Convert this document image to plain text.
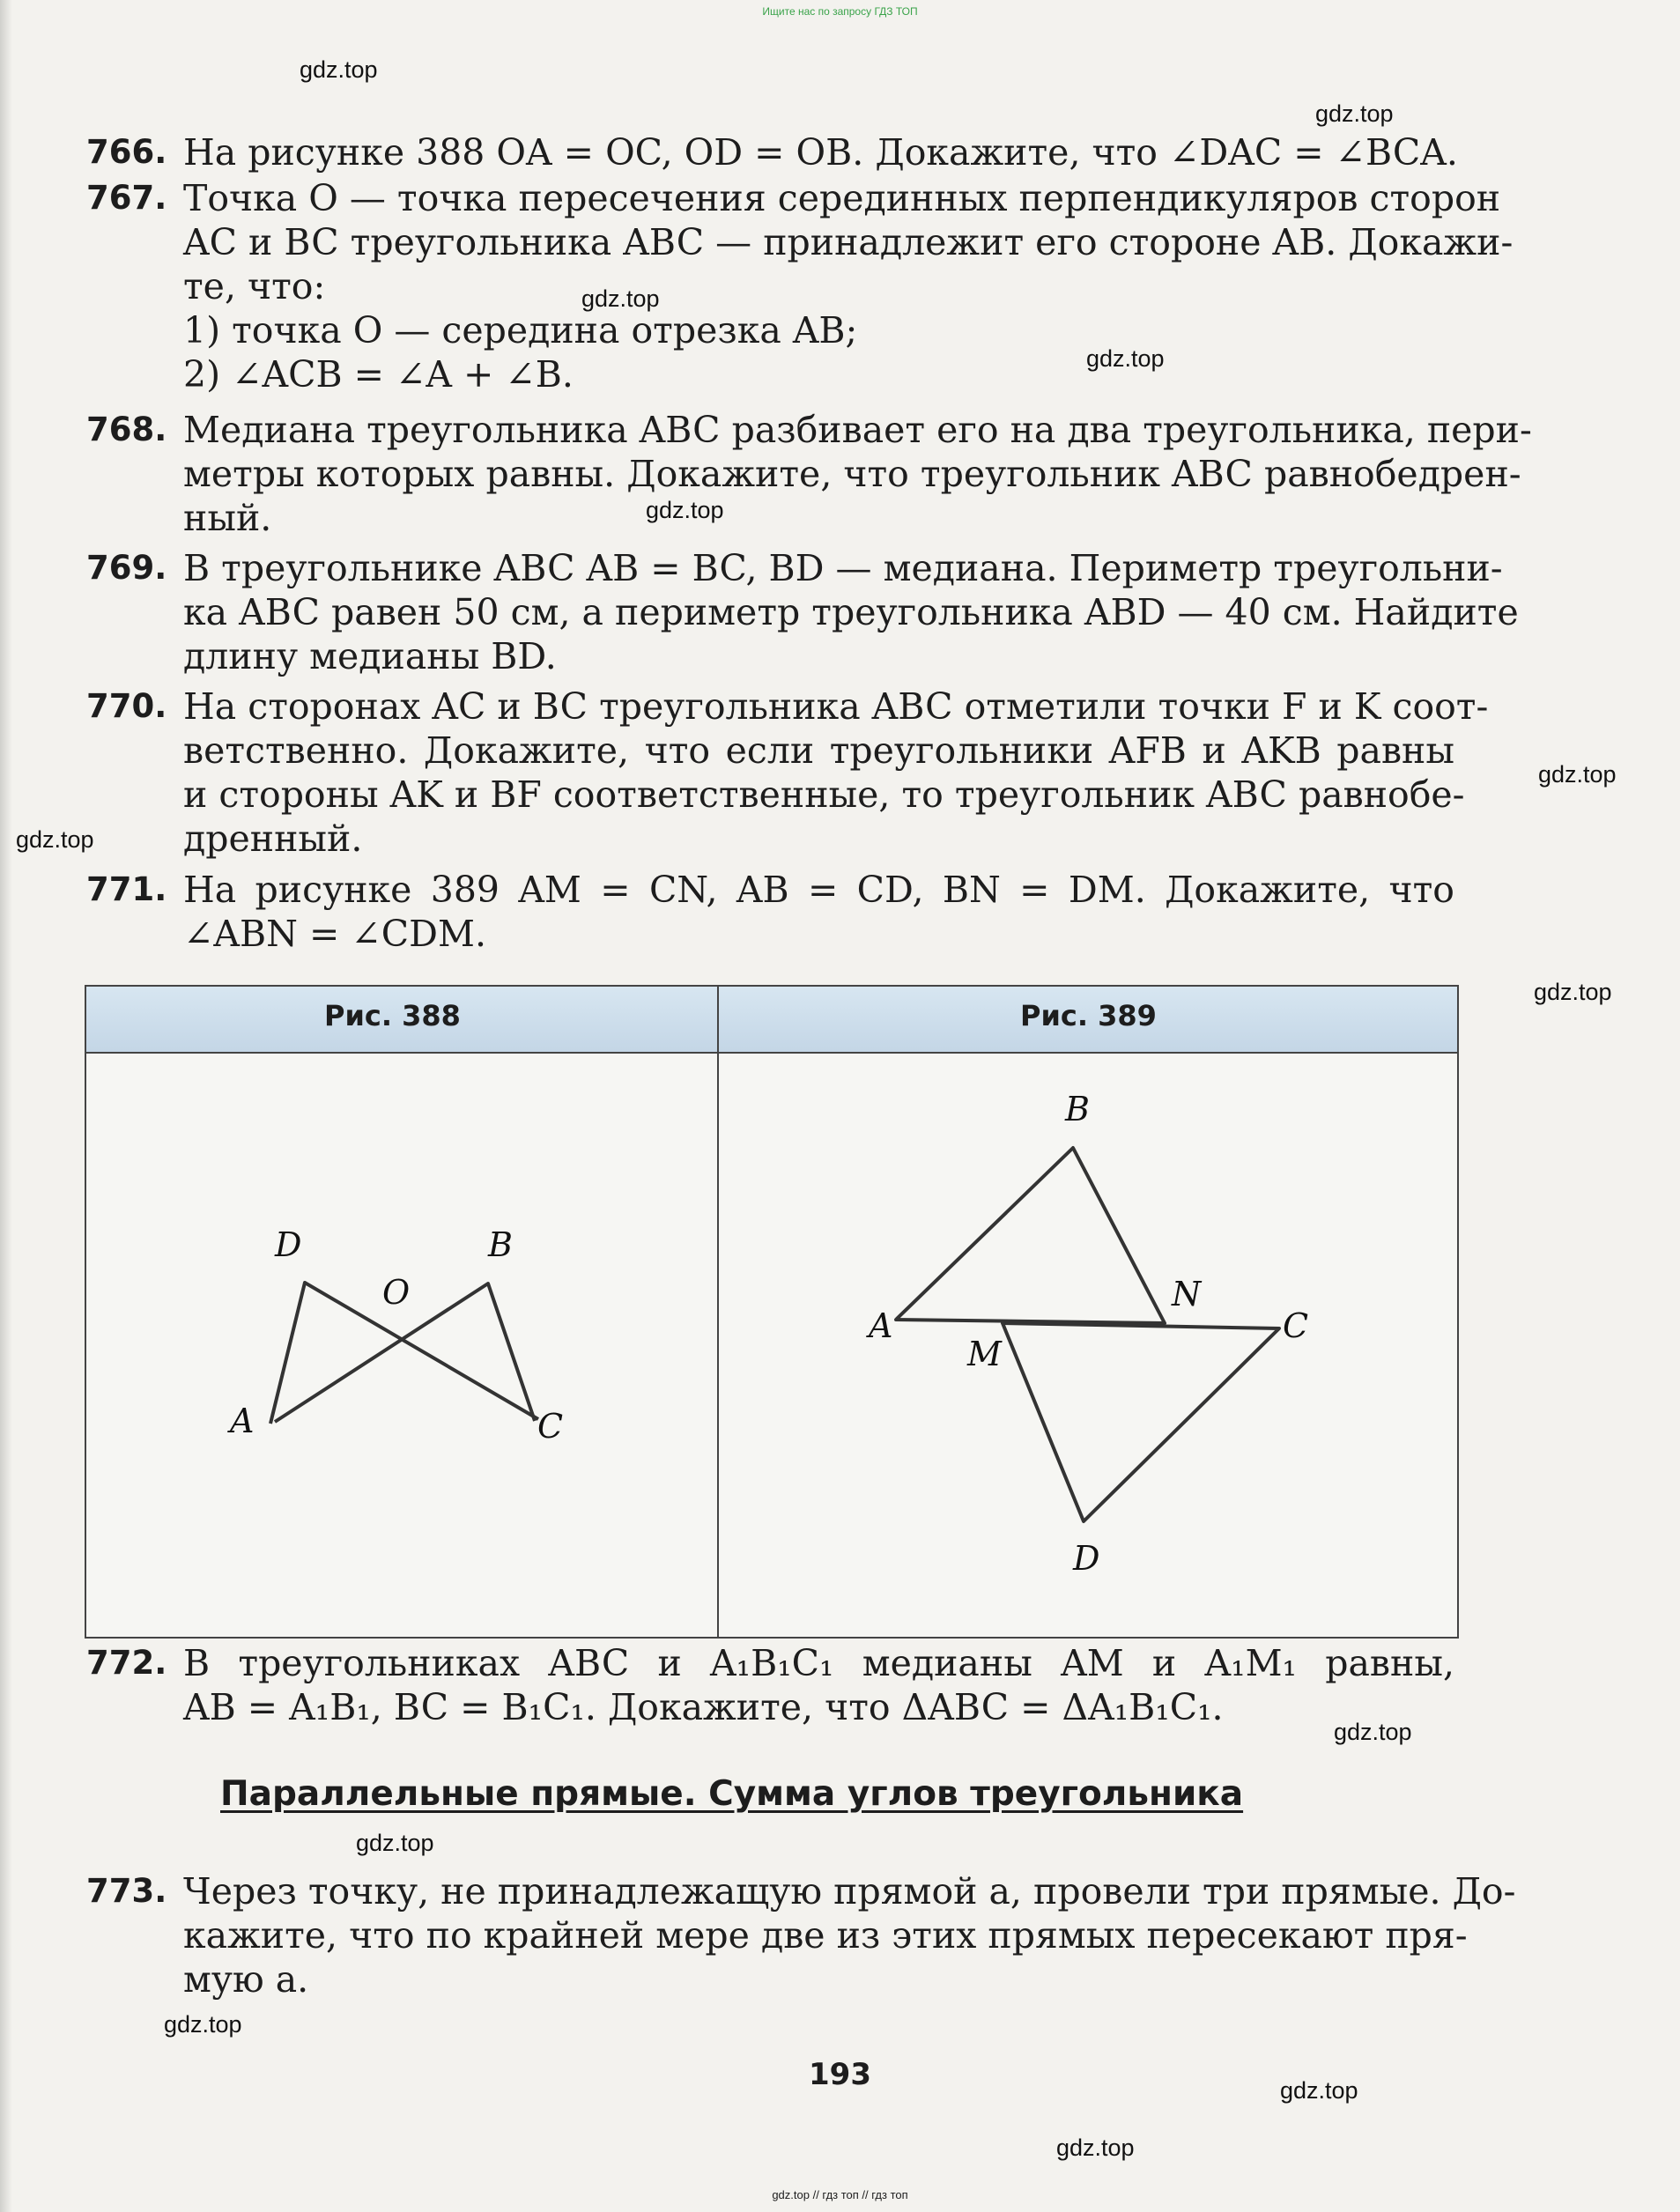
Ищите нас по запросу ГДЗ ТОП
gdz.top
gdz.top
gdz.top
gdz.top
gdz.top
gdz.top
gdz.top
gdz.top
gdz.top
gdz.top
gdz.top
gdz.top
gdz.top
766. На рисунке 388 OA = OC, OD = OB. Докажите, что ∠DAC = ∠BCA.
767. Точка O — точка пересечения серединных перпендикуляров сторон
AC и BC треугольника ABC — принадлежит его стороне AB. Докажи-
те, что:
1) точка O — середина отрезка AB;
2) ∠ACB = ∠A + ∠B.
768. Медиана треугольника ABC разбивает его на два треугольника, пери-
метры которых равны. Докажите, что треугольник ABC равнобедрен-
ный.
769. В треугольнике ABC AB = BC, BD — медиана. Периметр треугольни-
ка ABC равен 50 см, а периметр треугольника ABD — 40 см. Найдите
длину медианы BD.
770. На сторонах AC и BC треугольника ABC отметили точки F и K соот-
ветственно. Докажите, что если треугольники AFB и AKB равны
и стороны AK и BF соответственные, то треугольник ABC равнобе-
дренный.
771. На рисунке 389 AM = CN, AB = CD, BN = DM. Докажите, что
∠ABN = ∠CDM.
Рис. 388	Рис. 389
D	B
O
A	C
B
A
M
N
C
D
772. В треугольниках ABC и A₁B₁C₁ медианы AM и A₁M₁ равны,
AB = A₁B₁, BC = B₁C₁. Докажите, что ΔABC = ΔA₁B₁C₁.
Параллельные прямые. Сумма углов треугольника
773. Через точку, не принадлежащую прямой a, провели три прямые. До-
кажите, что по крайней мере две из этих прямых пересекают пря-
мую a.
193
gdz.top // гдз топ // гдз топ
